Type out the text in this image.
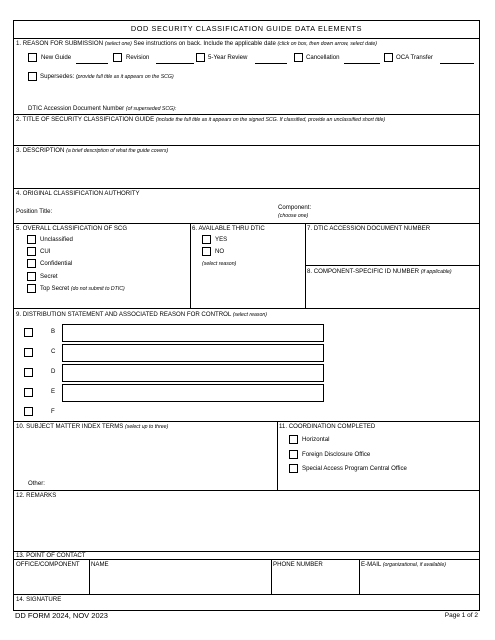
DOD SECURITY CLASSIFICATION GUIDE DATA ELEMENTS
1. REASON FOR SUBMISSION (select one) See instructions on back. Include the applicable date (click on box, then down arrow, select date)
New Guide	Revision	5-Year Review	Cancellation	OCA Transfer
Supersedes: (provide full title as it appears on the SCG)
DTIC Accession Document Number (of superseded SCG):
2. TITLE OF SECURITY CLASSIFICATION GUIDE (include the full title as it appears on the signed SCG. If classified, provide an unclassified short title)
3. DESCRIPTION (a brief description of what the guide covers)
4. ORIGINAL CLASSIFICATION AUTHORITY
Position Title:
Component:
(choose one)
5. OVERALL CLASSIFICATION OF SCG
Unclassified
CUI
Confidential
Secret
Top Secret (do not submit to DTIC)
6. AVAILABLE THRU DTIC
YES
NO
(select reason)
7. DTIC ACCESSION DOCUMENT NUMBER
8. COMPONENT-SPECIFIC ID NUMBER (if applicable)
9. DISTRIBUTION STATEMENT AND ASSOCIATED REASON FOR CONTROL (select reason)
B
C
D
E
F
10. SUBJECT MATTER INDEX TERMS (select up to three)
Other:
11. COORDINATION COMPLETED
Horizontal
Foreign Disclosure Office
Special Access Program Central Office
12. REMARKS
13. POINT OF CONTACT
OFFICE/COMPONENT NAME	PHONE NUMBER	E-MAIL (organizational, if available)
14. SIGNATURE
DD FORM 2024, NOV 2023	Page 1 of 2
